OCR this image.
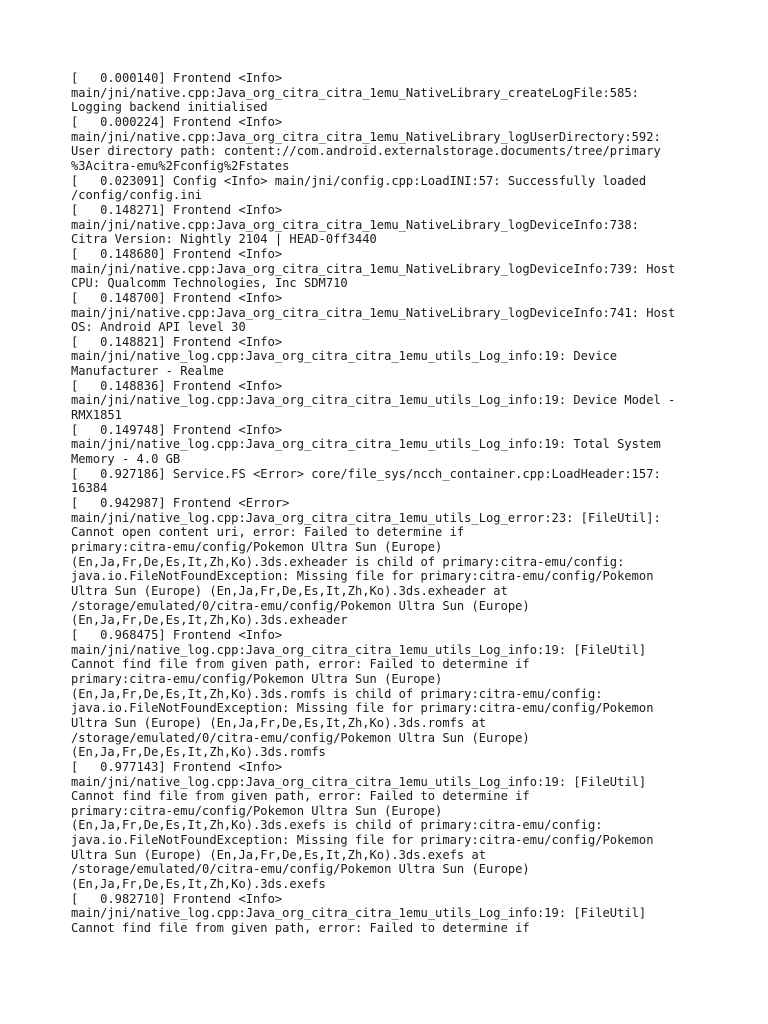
[   0.000140] Frontend <Info>
main/jni/native.cpp:Java_org_citra_citra_1emu_NativeLibrary_createLogFile:585:
Logging backend initialised
[   0.000224] Frontend <Info>
main/jni/native.cpp:Java_org_citra_citra_1emu_NativeLibrary_logUserDirectory:592:
User directory path: content://com.android.externalstorage.documents/tree/primary
%3Acitra-emu%2Fconfig%2Fstates
[   0.023091] Config <Info> main/jni/config.cpp:LoadINI:57: Successfully loaded
/config/config.ini
[   0.148271] Frontend <Info>
main/jni/native.cpp:Java_org_citra_citra_1emu_NativeLibrary_logDeviceInfo:738:
Citra Version: Nightly 2104 | HEAD-0ff3440
[   0.148680] Frontend <Info>
main/jni/native.cpp:Java_org_citra_citra_1emu_NativeLibrary_logDeviceInfo:739: Host
CPU: Qualcomm Technologies, Inc SDM710
[   0.148700] Frontend <Info>
main/jni/native.cpp:Java_org_citra_citra_1emu_NativeLibrary_logDeviceInfo:741: Host
OS: Android API level 30
[   0.148821] Frontend <Info>
main/jni/native_log.cpp:Java_org_citra_citra_1emu_utils_Log_info:19: Device
Manufacturer - Realme
[   0.148836] Frontend <Info>
main/jni/native_log.cpp:Java_org_citra_citra_1emu_utils_Log_info:19: Device Model -
RMX1851
[   0.149748] Frontend <Info>
main/jni/native_log.cpp:Java_org_citra_citra_1emu_utils_Log_info:19: Total System
Memory - 4.0 GB
[   0.927186] Service.FS <Error> core/file_sys/ncch_container.cpp:LoadHeader:157:
16384
[   0.942987] Frontend <Error>
main/jni/native_log.cpp:Java_org_citra_citra_1emu_utils_Log_error:23: [FileUtil]:
Cannot open content uri, error: Failed to determine if
primary:citra-emu/config/Pokemon Ultra Sun (Europe)
(En,Ja,Fr,De,Es,It,Zh,Ko).3ds.exheader is child of primary:citra-emu/config:
java.io.FileNotFoundException: Missing file for primary:citra-emu/config/Pokemon
Ultra Sun (Europe) (En,Ja,Fr,De,Es,It,Zh,Ko).3ds.exheader at
/storage/emulated/0/citra-emu/config/Pokemon Ultra Sun (Europe)
(En,Ja,Fr,De,Es,It,Zh,Ko).3ds.exheader
[   0.968475] Frontend <Info>
main/jni/native_log.cpp:Java_org_citra_citra_1emu_utils_Log_info:19: [FileUtil]
Cannot find file from given path, error: Failed to determine if
primary:citra-emu/config/Pokemon Ultra Sun (Europe)
(En,Ja,Fr,De,Es,It,Zh,Ko).3ds.romfs is child of primary:citra-emu/config:
java.io.FileNotFoundException: Missing file for primary:citra-emu/config/Pokemon
Ultra Sun (Europe) (En,Ja,Fr,De,Es,It,Zh,Ko).3ds.romfs at
/storage/emulated/0/citra-emu/config/Pokemon Ultra Sun (Europe)
(En,Ja,Fr,De,Es,It,Zh,Ko).3ds.romfs
[   0.977143] Frontend <Info>
main/jni/native_log.cpp:Java_org_citra_citra_1emu_utils_Log_info:19: [FileUtil]
Cannot find file from given path, error: Failed to determine if
primary:citra-emu/config/Pokemon Ultra Sun (Europe)
(En,Ja,Fr,De,Es,It,Zh,Ko).3ds.exefs is child of primary:citra-emu/config:
java.io.FileNotFoundException: Missing file for primary:citra-emu/config/Pokemon
Ultra Sun (Europe) (En,Ja,Fr,De,Es,It,Zh,Ko).3ds.exefs at
/storage/emulated/0/citra-emu/config/Pokemon Ultra Sun (Europe)
(En,Ja,Fr,De,Es,It,Zh,Ko).3ds.exefs
[   0.982710] Frontend <Info>
main/jni/native_log.cpp:Java_org_citra_citra_1emu_utils_Log_info:19: [FileUtil]
Cannot find file from given path, error: Failed to determine if
